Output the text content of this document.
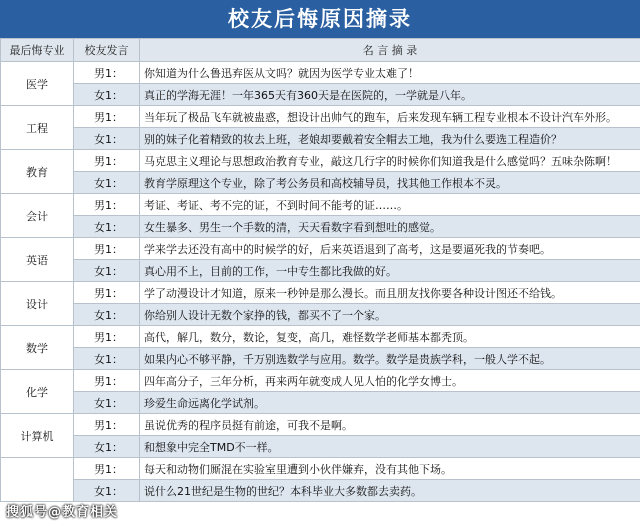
校友后悔原因摘录
最后悔专业	校友发言	名 言 摘 录
医学	男1：	你知道为什么鲁迅弃医从文吗？就因为医学专业太难了！
	女1：	真正的学海无涯！一年365天有360天是在医院的，一学就是八年。
工程	男1：	当年玩了极品飞车就被蛊惑，想设计出帅气的跑车，后来发现车辆工程专业根本不设计汽车外形。
	女1：	别的妹子化着精致的妆去上班，老娘却要戴着安全帽去工地，我为什么要选工程造价？
教育	男1：	马克思主义理论与思想政治教育专业，敲这几行字的时候你们知道我是什么感觉吗？五味杂陈啊！
	女1：	教育学原理这个专业，除了考公务员和高校辅导员，找其他工作根本不灵。
会计	男1：	考证、考证、考不完的证，不到时间不能考的证……。
	女1：	女生暴多、男生一个手数的清，天天看数字看到想吐的感觉。
英语	男1：	学来学去还没有高中的时候学的好，后来英语退到了高考，这是要逼死我的节奏吧。
	女1：	真心用不上，目前的工作，一中专生都比我做的好。
设计	男1：	学了动漫设计才知道，原来一秒钟是那么漫长。而且朋友找你要各种设计图还不给钱。
	女1：	你给别人设计无数个家挣的钱，都买不了一个家。
数学	男1：	高代，解几，数分，数论，复变，高几，难怪数学老师基本都秃顶。
	女1：	如果内心不够平静，千万别选数学与应用。数学。数学是贵族学科，一般人学不起。
化学	男1：	四年高分子，三年分析，再来两年就变成人见人怕的化学女博士。
	女1：	珍爱生命远离化学试剂。
计算机	男1：	虽说优秀的程序员挺有前途，可我不是啊。
	女1：	和想象中完全TMD不一样。
	男1：	每天和动物们厮混在实验室里遭到小伙伴嫌弃，没有其他下场。
	女1：	说什么21世纪是生物的世纪？本科毕业大多数都去卖药。
搜狐号@教育相关
